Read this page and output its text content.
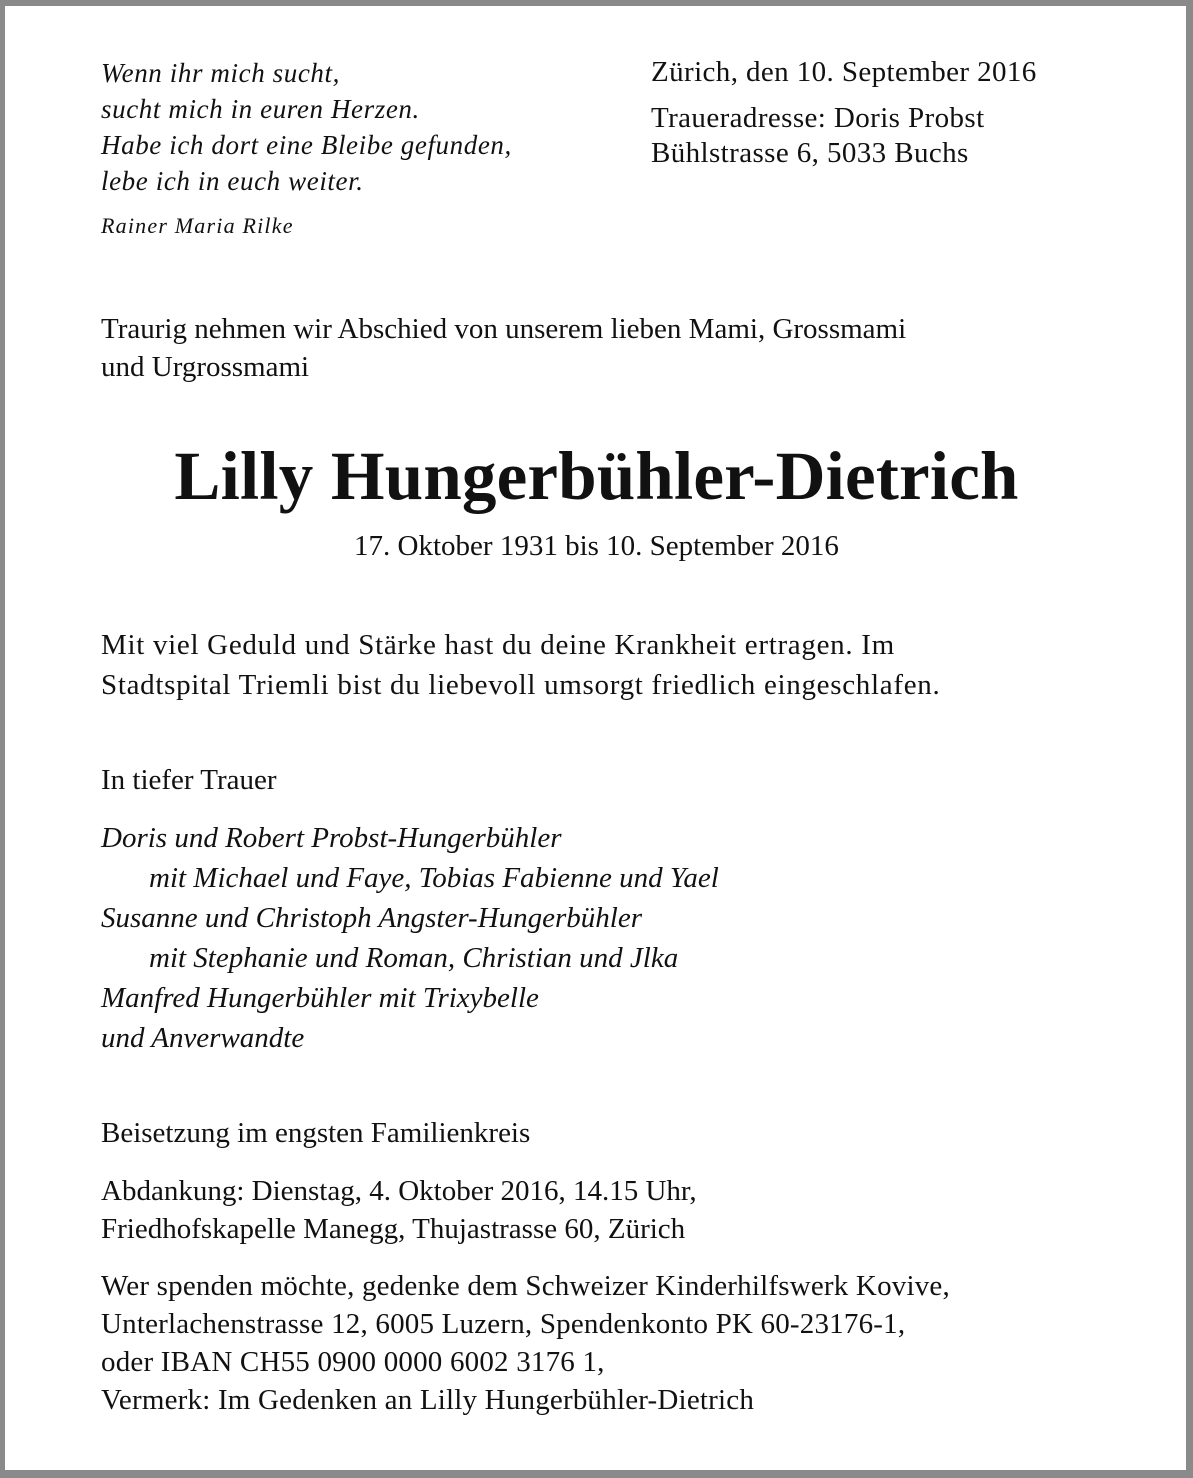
Wenn ihr mich sucht,
sucht mich in euren Herzen.
Habe ich dort eine Bleibe gefunden,
lebe ich in euch weiter.
Rainer Maria Rilke
Zürich, den 10. September 2016
Traueradresse: Doris Probst
Bühlstrasse 6, 5033 Buchs
Traurig nehmen wir Abschied von unserem lieben Mami, Grossmami
und Urgrossmami
Lilly Hungerbühler-Dietrich
17. Oktober 1931 bis 10. September 2016
Mit viel Geduld und Stärke hast du deine Krankheit ertragen. Im
Stadtspital Triemli bist du liebevoll umsorgt friedlich eingeschlafen.
In tiefer Trauer
Doris und Robert Probst-Hungerbühler
mit Michael und Faye, Tobias Fabienne und Yael
Susanne und Christoph Angster-Hungerbühler
mit Stephanie und Roman, Christian und Jlka
Manfred Hungerbühler mit Trixybelle
und Anverwandte
Beisetzung im engsten Familienkreis
Abdankung: Dienstag, 4. Oktober 2016, 14.15 Uhr,
Friedhofskapelle Manegg, Thujastrasse 60, Zürich
Wer spenden möchte, gedenke dem Schweizer Kinderhilfswerk Kovive,
Unterlachenstrasse 12, 6005 Luzern, Spendenkonto PK 60-23176-1,
oder IBAN CH55 0900 0000 6002 3176 1,
Vermerk: Im Gedenken an Lilly Hungerbühler-Dietrich
